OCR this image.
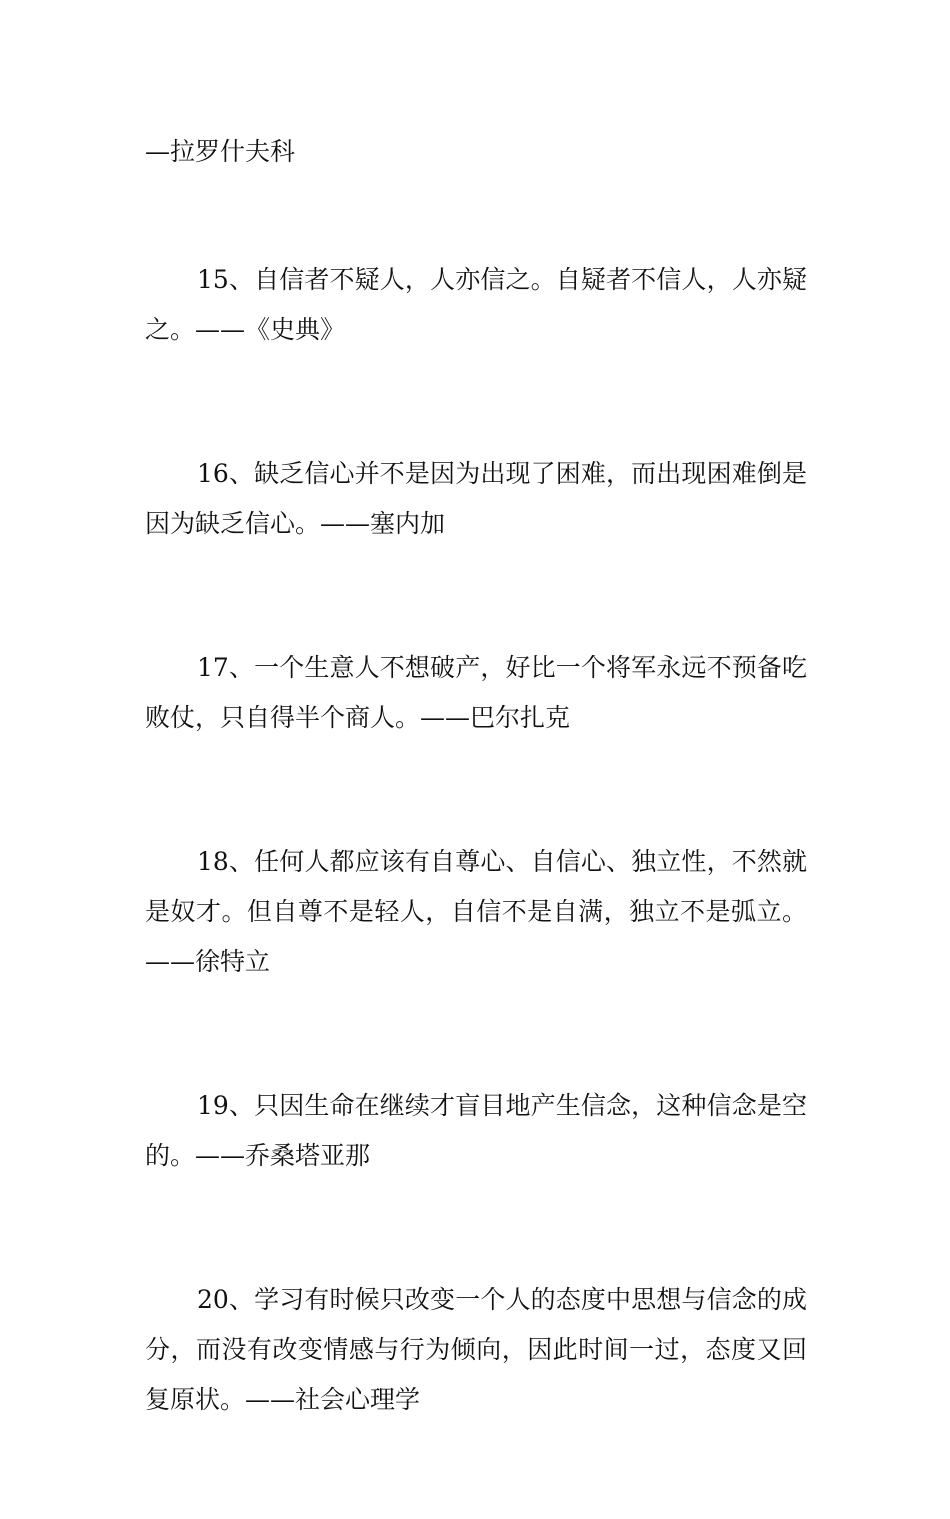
—拉罗什夫科

15、自信者不疑人，人亦信之。自疑者不信人，人亦疑之。——《史典》

16、缺乏信心并不是因为出现了困难，而出现困难倒是因为缺乏信心。——塞内加

17、一个生意人不想破产，好比一个将军永远不预备吃败仗，只自得半个商人。——巴尔扎克

18、任何人都应该有自尊心、自信心、独立性，不然就是奴才。但自尊不是轻人，自信不是自满，独立不是弧立。——徐特立

19、只因生命在继续才盲目地产生信念，这种信念是空的。——乔桑塔亚那

20、学习有时候只改变一个人的态度中思想与信念的成分，而没有改变情感与行为倾向，因此时间一过，态度又回复原状。——社会心理学
